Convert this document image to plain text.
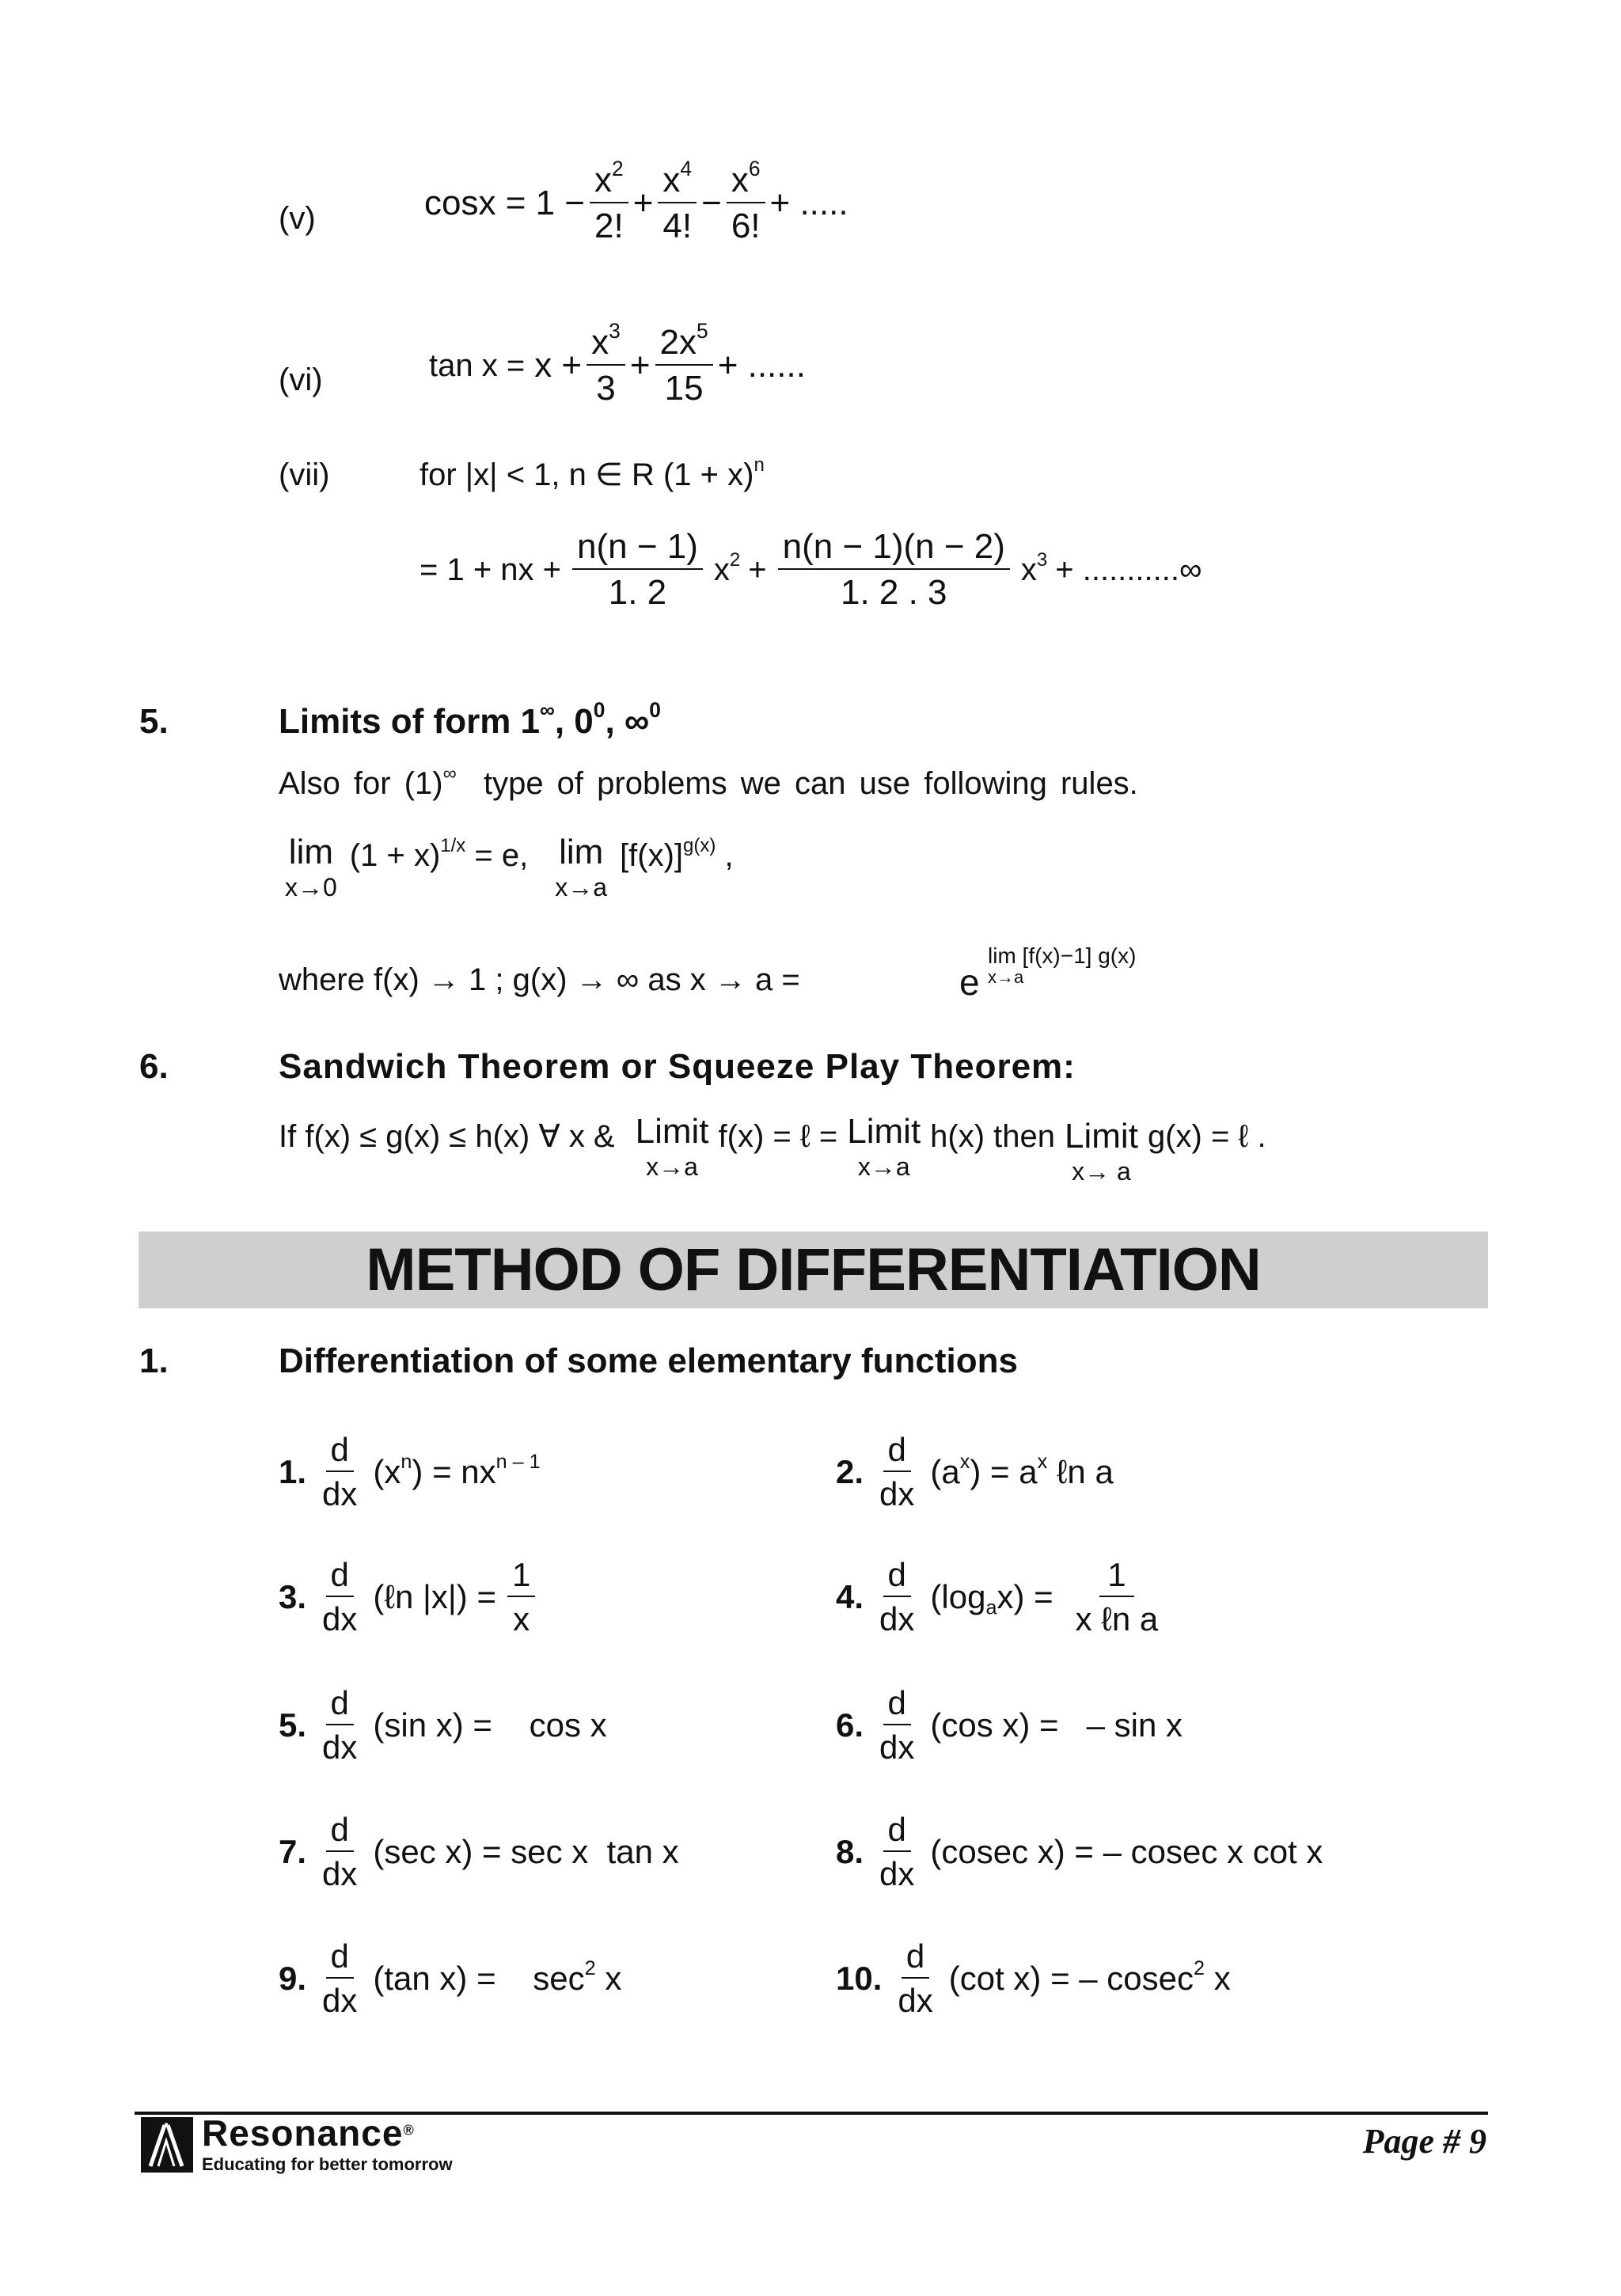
(v)	$\cos x = 1 - \frac{x^2}{2!} + \frac{x^4}{4!} - \frac{x^6}{6!}$ + .....
(vi)	$\tan x = x + \frac{x^3}{3} + \frac{2x^5}{15}$ + ......
(vii)	for |x| < 1, n ∈ R $(1 + x)^n$
= 1 + nx + $\frac{n(n - 1)}{1. 2} x^2 + \frac{n(n - 1)(n - 2)}{1. 2 . 3} x^3$ + ...........∞
5.	Limits of form 1∞, $0^0$, ∞$^0$
Also for (1)∞ type of problems we can use following rules.
lim
x→0
$(1 + x)^{1/x} = e$, lim
x→a
$[f(x)]^{g(x)}$ ,
where f(x) → 1 ; g(x) → ∞ as x → a =	e
lim [f(x)−1] g(x)
x→a
6.	Sandwich Theorem or Squeeze Play Theorem:
If f(x) ≤ g(x) ≤ h(x) ∀ x & Limit
x→a
f(x) = ℓ = Limit
x→a
h(x) then Limit
x→ a
g(x) = ℓ .
METHOD OF DIFFERENTIATION
1.	Differentiation of some elementary functions
1. $\frac{d}{dx} (x^n) = nx^{n - 1}$	2. $\frac{d}{dx} (a^x) = a^x$ ℓn a
3. $\frac{d}{dx}$ (ℓn $|x|) = \frac{1}{x}$	4. $\frac{d}{dx} (\log_ax) = \frac{1}{\text{x ℓn a}}$
5. $\frac{d}{dx} (\sin$ x) =    cos x	6. $\frac{d}{dx} (\cos$ x) =   – sin x
7. $\frac{d}{dx} (\sec$ x) = sec x  tan x	8. $\frac{d}{dx} (cosec$ x) = – cosec x cot x
9. $\frac{d}{dx} (\tan$ x) =    $\sec^2 x$	10. $\frac{d}{dx} (\cot$ x) = – cosec$^2$ x
Resonance®
Educating for better tomorrow
Page # 9
